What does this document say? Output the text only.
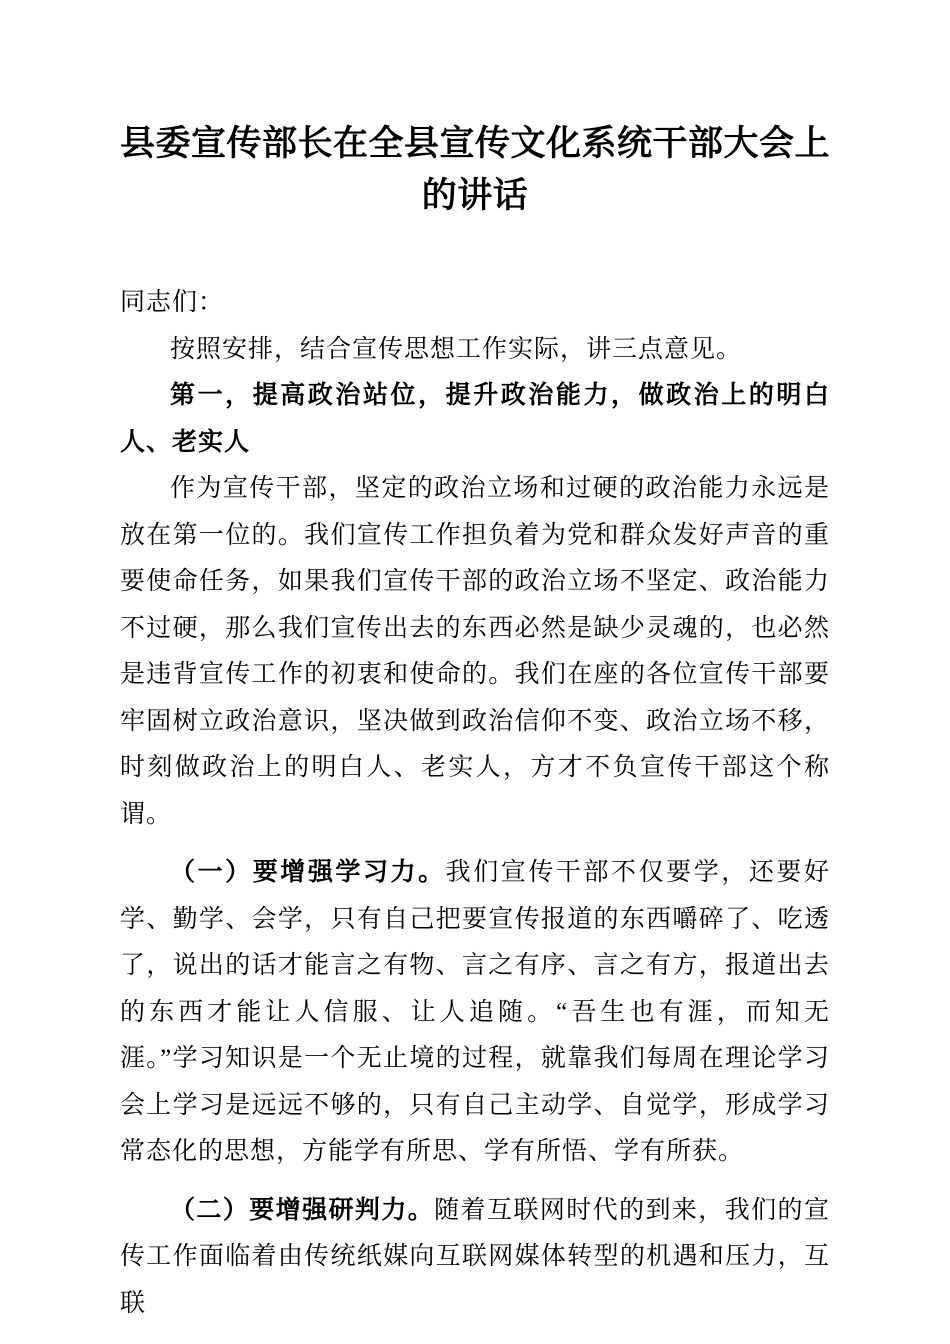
县委宣传部长在全县宣传文化系统干部大会上的讲话

同志们：

按照安排，结合宣传思想工作实际，讲三点意见。

第一，提高政治站位，提升政治能力，做政治上的明白人、老实人

作为宣传干部，坚定的政治立场和过硬的政治能力永远是放在第一位的。我们宣传工作担负着为党和群众发好声音的重要使命任务，如果我们宣传干部的政治立场不坚定、政治能力不过硬，那么我们宣传出去的东西必然是缺少灵魂的，也必然是违背宣传工作的初衷和使命的。我们在座的各位宣传干部要牢固树立政治意识，坚决做到政治信仰不变、政治立场不移，时刻做政治上的明白人、老实人，方才不负宣传干部这个称谓。

（一）要增强学习力。我们宣传干部不仅要学，还要好学、勤学、会学，只有自己把要宣传报道的东西嚼碎了、吃透了，说出的话才能言之有物、言之有序、言之有方，报道出去的东西才能让人信服、让人追随。“吾生也有涯，而知无涯。”学习知识是一个无止境的过程，就靠我们每周在理论学习会上学习是远远不够的，只有自己主动学、自觉学，形成学习常态化的思想，方能学有所思、学有所悟、学有所获。

（二）要增强研判力。随着互联网时代的到来，我们的宣传工作面临着由传统纸媒向互联网媒体转型的机遇和压力，互联
